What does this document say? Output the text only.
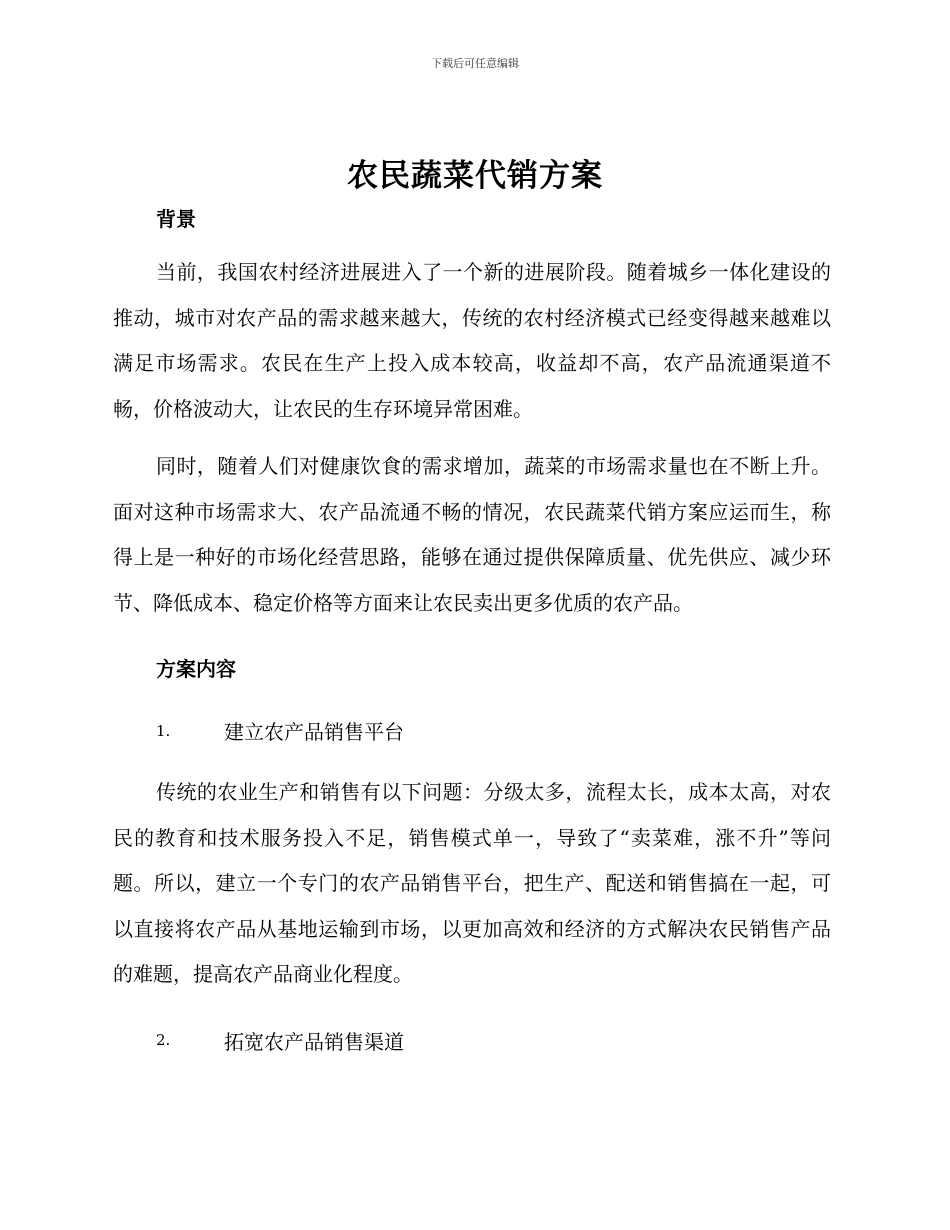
下载后可任意编辑
农民蔬菜代销方案

背景

当前，我国农村经济进展进入了一个新的进展阶段。随着城乡一体化建设的推动，城市对农产品的需求越来越大，传统的农村经济模式已经变得越来越难以满足市场需求。农民在生产上投入成本较高，收益却不高，农产品流通渠道不畅，价格波动大，让农民的生存环境异常困难。

同时，随着人们对健康饮食的需求增加，蔬菜的市场需求量也在不断上升。面对这种市场需求大、农产品流通不畅的情况，农民蔬菜代销方案应运而生，称得上是一种好的市场化经营思路，能够在通过提供保障质量、优先供应、减少环节、降低成本、稳定价格等方面来让农民卖出更多优质的农产品。

方案内容

1.	建立农产品销售平台

传统的农业生产和销售有以下问题：分级太多，流程太长，成本太高，对农民的教育和技术服务投入不足，销售模式单一，导致了“卖菜难，涨不升”等问题。所以，建立一个专门的农产品销售平台，把生产、配送和销售搞在一起，可以直接将农产品从基地运输到市场，以更加高效和经济的方式解决农民销售产品的难题，提高农产品商业化程度。

2.	拓宽农产品销售渠道
